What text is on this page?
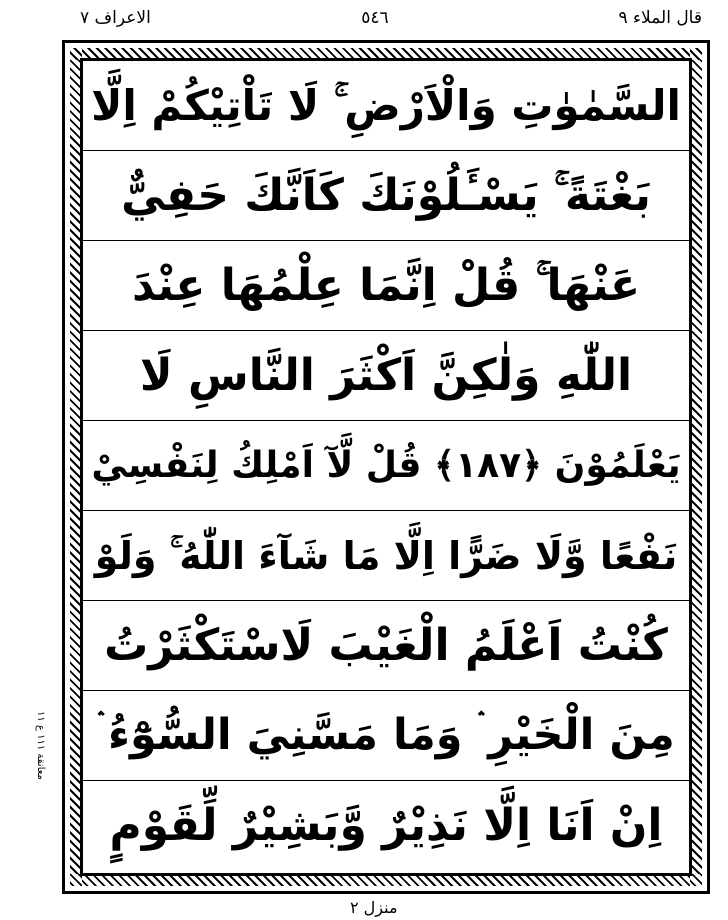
قال الملاء ٩
٥٤٦
الاعراف ٧
السَّمٰوٰتِ وَالْاَرْضِ ۚ لَا تَاْتِيْكُمْ اِلَّا
بَغْتَةً ۚ يَسْـَٔلُوْنَكَ كَاَنَّكَ حَفِيٌّ
عَنْهَا ۚ قُلْ اِنَّمَا عِلْمُهَا عِنْدَ
اللّٰهِ وَلٰكِنَّ اَكْثَرَ النَّاسِ لَا
يَعْلَمُوْنَ ﴿١٨٧﴾ قُلْ لَّآ اَمْلِكُ لِنَفْسِيْ
نَفْعًا وَّلَا ضَرًّا اِلَّا مَا شَآءَ اللّٰهُ ۚ وَلَوْ
كُنْتُ اَعْلَمُ الْغَيْبَ لَاسْتَكْثَرْتُ
مِنَ الْخَيْرِ ۛ وَمَا مَسَّنِيَ السُّوْٓءُ ۛ
اِنْ اَنَا اِلَّا نَذِيْرٌ وَّبَشِيْرٌ لِّقَوْمٍ
معانقة ١١١ ع ١١
منزل ٢
